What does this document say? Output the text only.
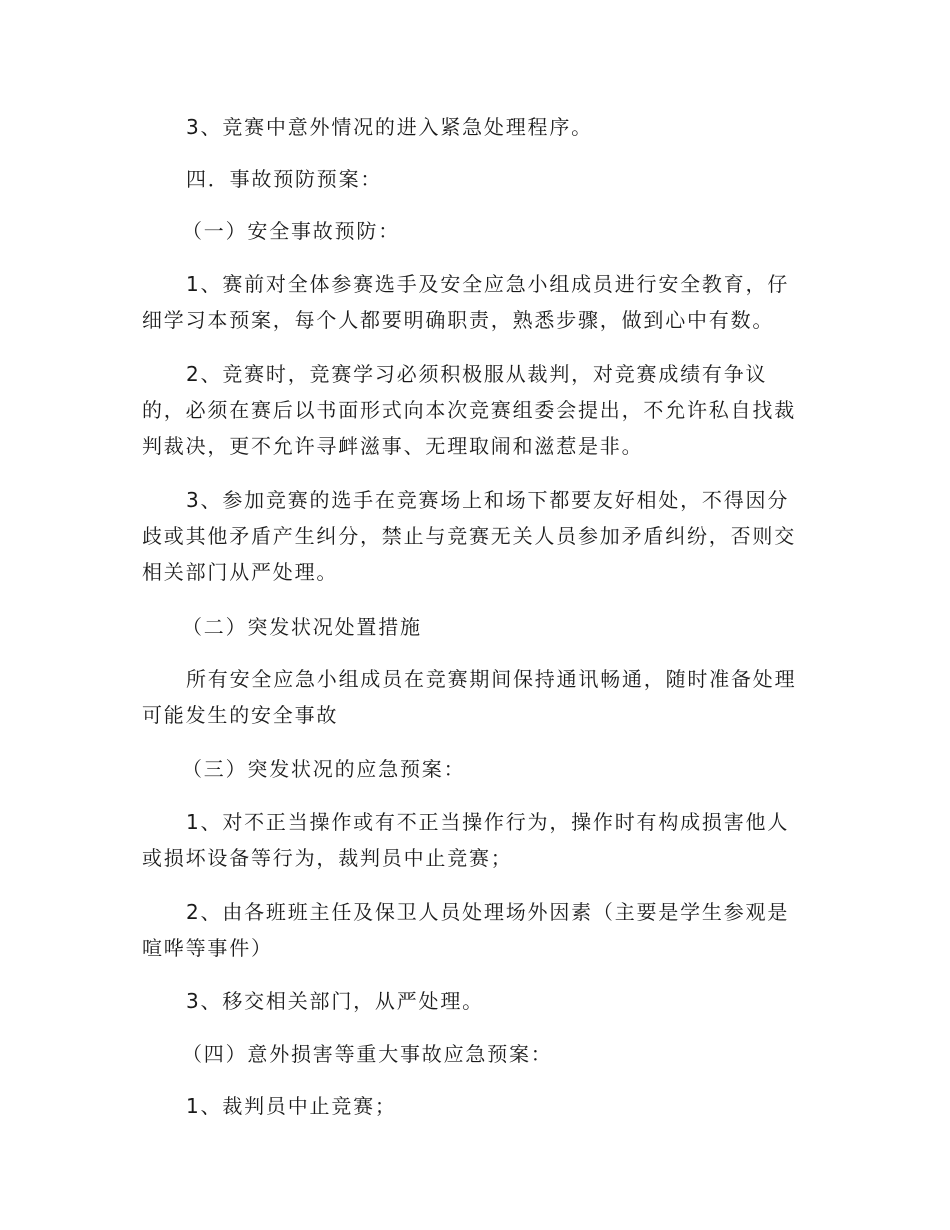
3、竞赛中意外情况的进入紧急处理程序。

四．事故预防预案：

（一）安全事故预防：

1、赛前对全体参赛选手及安全应急小组成员进行安全教育，仔细学习本预案，每个人都要明确职责，熟悉步骤，做到心中有数。

2、竞赛时，竞赛学习必须积极服从裁判，对竞赛成绩有争议的，必须在赛后以书面形式向本次竞赛组委会提出，不允许私自找裁判裁决，更不允许寻衅滋事、无理取闹和滋惹是非。

3、参加竞赛的选手在竞赛场上和场下都要友好相处，不得因分歧或其他矛盾产生纠分，禁止与竞赛无关人员参加矛盾纠纷，否则交相关部门从严处理。

（二）突发状况处置措施

所有安全应急小组成员在竞赛期间保持通讯畅通，随时准备处理可能发生的安全事故

（三）突发状况的应急预案：

1、对不正当操作或有不正当操作行为，操作时有构成损害他人或损坏设备等行为，裁判员中止竞赛；

2、由各班班主任及保卫人员处理场外因素（主要是学生参观是喧哗等事件）

3、移交相关部门，从严处理。

（四）意外损害等重大事故应急预案：

1、裁判员中止竞赛；
